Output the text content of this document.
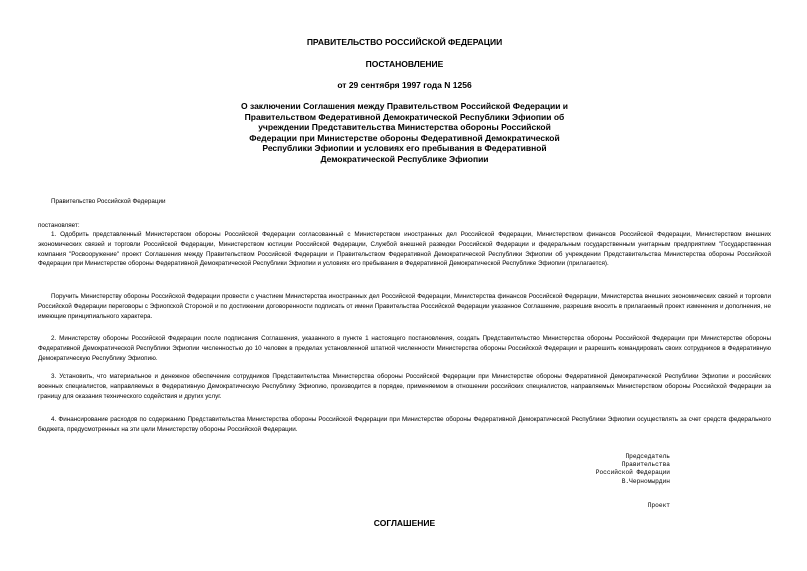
ПРАВИТЕЛЬСТВО РОССИЙСКОЙ ФЕДЕРАЦИИ
ПОСТАНОВЛЕНИЕ
от 29 сентября 1997 года N 1256
О заключении Соглашения между Правительством Российской Федерации и Правительством Федеративной Демократической Республики Эфиопии об учреждении Представительства Министерства обороны Российской Федерации при Министерстве обороны Федеративной Демократической Республики Эфиопии и условиях его пребывания в Федеративной Демократической Республике Эфиопии
Правительство Российской Федерации
постановляет:
1. Одобрить представленный Министерством обороны Российской Федерации согласованный с Министерством иностранных дел Российской Федерации, Министерством финансов Российской Федерации, Министерством внешних экономических связей и торговли Российской Федерации, Министерством юстиции Российской Федерации, Службой внешней разведки Российской Федерации и федеральным государственным унитарным предприятием "Государственная компания "Росвооружение" проект Соглашения между Правительством Российской Федерации и Правительством Федеративной Демократической Республики Эфиопии об учреждении Представительства Министерства обороны Российской Федерации при Министерстве обороны Федеративной Демократической Республики Эфиопии и условиях его пребывания в Федеративной Демократической Республике Эфиопии (прилагается).
Поручить Министерству обороны Российской Федерации провести с участием Министерства иностранных дел Российской Федерации, Министерства финансов Российской Федерации, Министерства внешних экономических связей и торговли Российской Федерации переговоры с Эфиопской Стороной и по достижении договоренности подписать от имени Правительства Российской Федерации указанное Соглашение, разрешив вносить в прилагаемый проект изменения и дополнения, не имеющие принципиального характера.
2. Министерству обороны Российской Федерации после подписания Соглашения, указанного в пункте 1 настоящего постановления, создать Представительство Министерства обороны Российской Федерации при Министерстве обороны Федеративной Демократической Республики Эфиопии численностью до 10 человек в пределах установленной штатной численности Министерства обороны Российской Федерации и разрешить командировать своих сотрудников в Федеративную Демократическую Республику Эфиопию.
3. Установить, что материальное и денежное обеспечение сотрудников Представительства Министерства обороны Российской Федерации при Министерстве обороны Федеративной Демократической Республики Эфиопии и российских военных специалистов, направляемых в Федеративную Демократическую Республику Эфиопию, производится в порядке, применяемом в отношении российских специалистов, направляемых Министерством обороны Российской Федерации за границу для оказания технического содействия и других услуг.
4. Финансирование расходов по содержанию Представительства Министерства обороны Российской Федерации при Министерстве обороны Федеративной Демократической Республики Эфиопии осуществлять за счет средств федерального бюджета, предусмотренных на эти цели Министерству обороны Российской Федерации.
Председатель
Правительства
Российской Федерации
В.Черномырдин
Проект
СОГЛАШЕНИЕ
